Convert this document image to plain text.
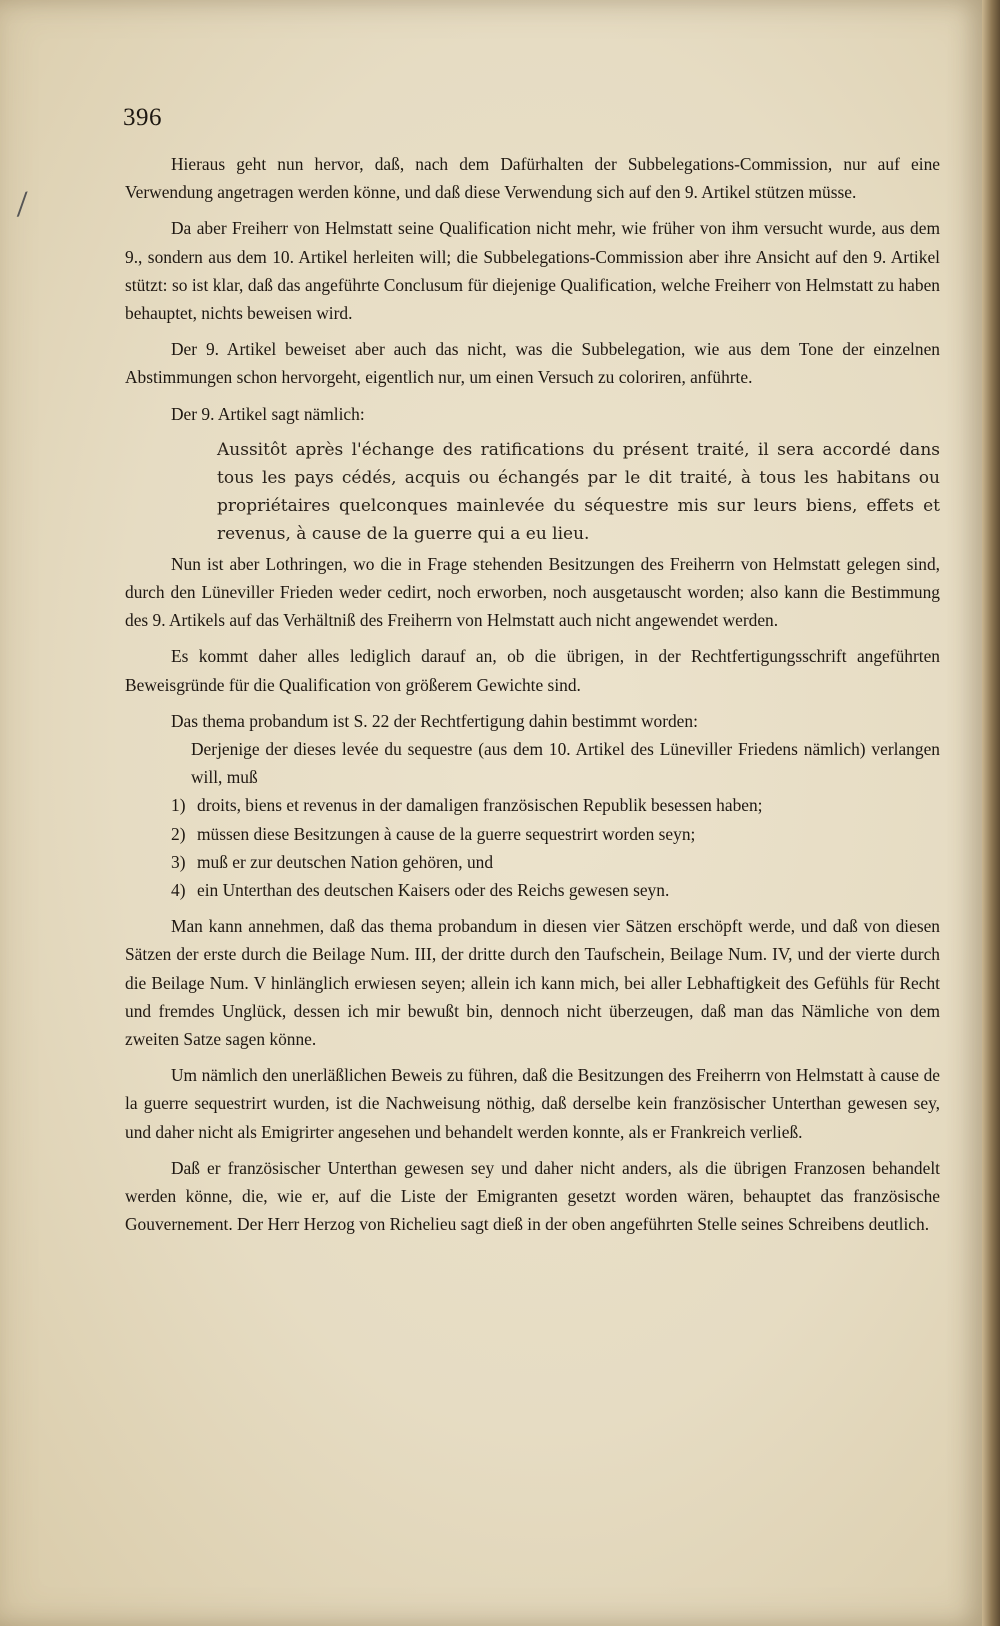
⁄
396

Hieraus geht nun hervor, daß, nach dem Dafürhalten der Subbelegations-Commission, nur auf eine Verwendung angetragen werden könne, und daß diese Verwendung sich auf den 9. Artikel stützen müsse.

Da aber Freiherr von Helmstatt seine Qualification nicht mehr, wie früher von ihm versucht wurde, aus dem 9., sondern aus dem 10. Artikel herleiten will; die Subbelegations-Commission aber ihre Ansicht auf den 9. Artikel stützt: so ist klar, daß das angeführte Conclusum für diejenige Qualification, welche Freiherr von Helmstatt zu haben behauptet, nichts beweisen wird.

Der 9. Artikel beweiset aber auch das nicht, was die Subbelegation, wie aus dem Tone der einzelnen Abstimmungen schon hervorgeht, eigentlich nur, um einen Versuch zu coloriren, anführte.

Der 9. Artikel sagt nämlich:

Aussitôt après l'échange des ratifications du présent traité, il sera accordé dans tous les pays cédés, acquis ou échangés par le dit traité, à tous les habitans ou propriétaires quelconques mainlevée du séquestre mis sur leurs biens, effets et revenus, à cause de la guerre qui a eu lieu.

Nun ist aber Lothringen, wo die in Frage stehenden Besitzungen des Freiherrn von Helmstatt gelegen sind, durch den Lüneviller Frieden weder cedirt, noch erworben, noch ausgetauscht worden; also kann die Bestimmung des 9. Artikels auf das Verhältniß des Freiherrn von Helmstatt auch nicht angewendet werden.

Es kommt daher alles lediglich darauf an, ob die übrigen, in der Rechtfertigungsschrift angeführten Beweisgründe für die Qualification von größerem Gewichte sind.

Das thema probandum ist S. 22 der Rechtfertigung dahin bestimmt worden:

Derjenige der dieses levée du sequestre (aus dem 10. Artikel des Lüneviller Friedens nämlich) verlangen will, muß

1) droits, biens et revenus in der damaligen französischen Republik besessen haben;
2) müssen diese Besitzungen à cause de la guerre sequestrirt worden seyn;
3) muß er zur deutschen Nation gehören, und
4) ein Unterthan des deutschen Kaisers oder des Reichs gewesen seyn.

Man kann annehmen, daß das thema probandum in diesen vier Sätzen erschöpft werde, und daß von diesen Sätzen der erste durch die Beilage Num. III, der dritte durch den Taufschein, Beilage Num. IV, und der vierte durch die Beilage Num. V hinlänglich erwiesen seyen; allein ich kann mich, bei aller Lebhaftigkeit des Gefühls für Recht und fremdes Unglück, dessen ich mir bewußt bin, dennoch nicht überzeugen, daß man das Nämliche von dem zweiten Satze sagen könne.

Um nämlich den unerläßlichen Beweis zu führen, daß die Besitzungen des Freiherrn von Helmstatt à cause de la guerre sequestrirt wurden, ist die Nachweisung nöthig, daß derselbe kein französischer Unterthan gewesen sey, und daher nicht als Emigrirter angesehen und behandelt werden konnte, als er Frankreich verließ.

Daß er französischer Unterthan gewesen sey und daher nicht anders, als die übrigen Franzosen behandelt werden könne, die, wie er, auf die Liste der Emigranten gesetzt worden wären, behauptet das französische Gouvernement. Der Herr Herzog von Richelieu sagt dieß in der oben angeführten Stelle seines Schreibens deutlich.
